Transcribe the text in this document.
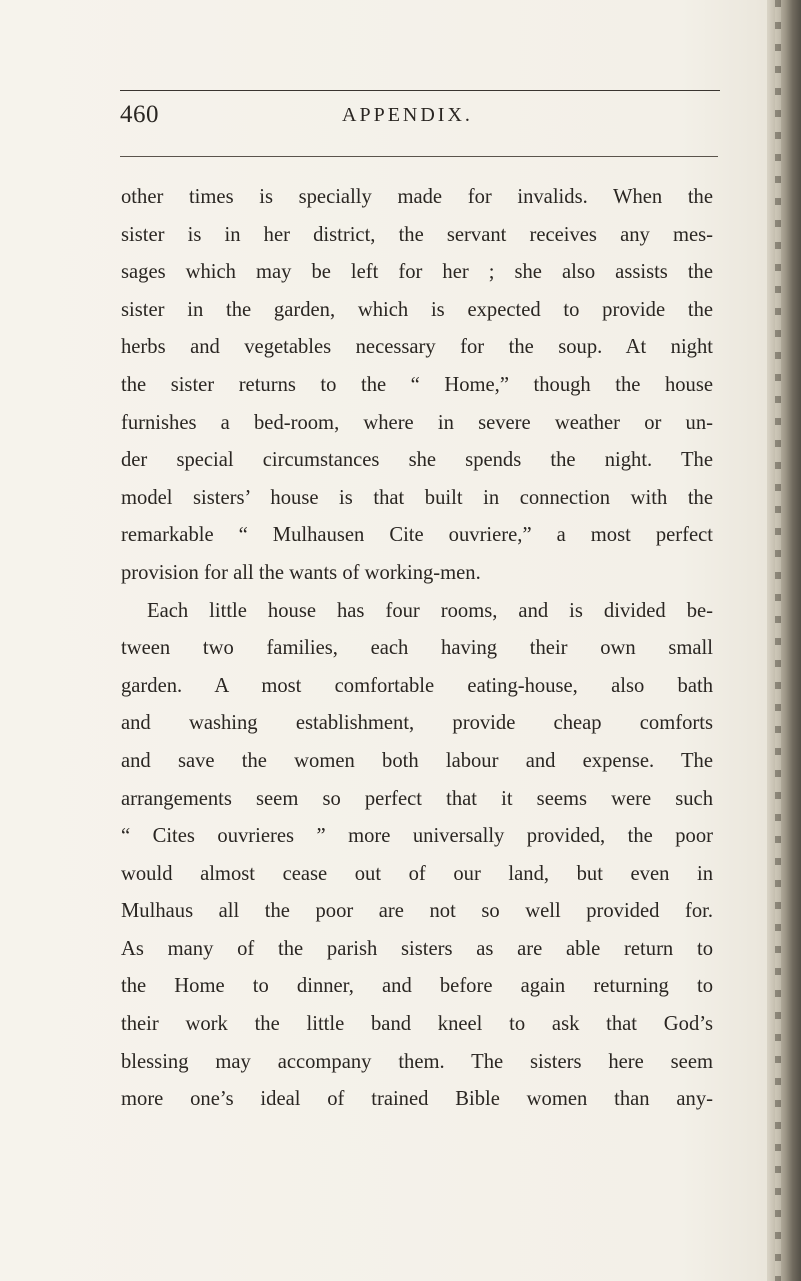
460	APPENDIX.
other times is specially made for invalids. When the
sister is in her district, the servant receives any mes-
sages which may be left for her ; she also assists the
sister in the garden, which is expected to provide the
herbs and vegetables necessary for the soup. At night
the sister returns to the “ Home,” though the house
furnishes a bed-room, where in severe weather or un-
der special circumstances she spends the night. The
model sisters’ house is that built in connection with the
remarkable “ Mulhausen Cite ouvriere,” a most perfect
provision for all the wants of working-men.
Each little house has four rooms, and is divided be-
tween two families, each having their own small
garden. A most comfortable eating-house, also bath
and washing establishment, provide cheap comforts
and save the women both labour and expense. The
arrangements seem so perfect that it seems were such
“ Cites ouvrieres ” more universally provided, the poor
would almost cease out of our land, but even in
Mulhaus all the poor are not so well provided for.
As many of the parish sisters as are able return to
the Home to dinner, and before again returning to
their work the little band kneel to ask that God’s
blessing may accompany them. The sisters here seem
more one’s ideal of trained Bible women than any-
